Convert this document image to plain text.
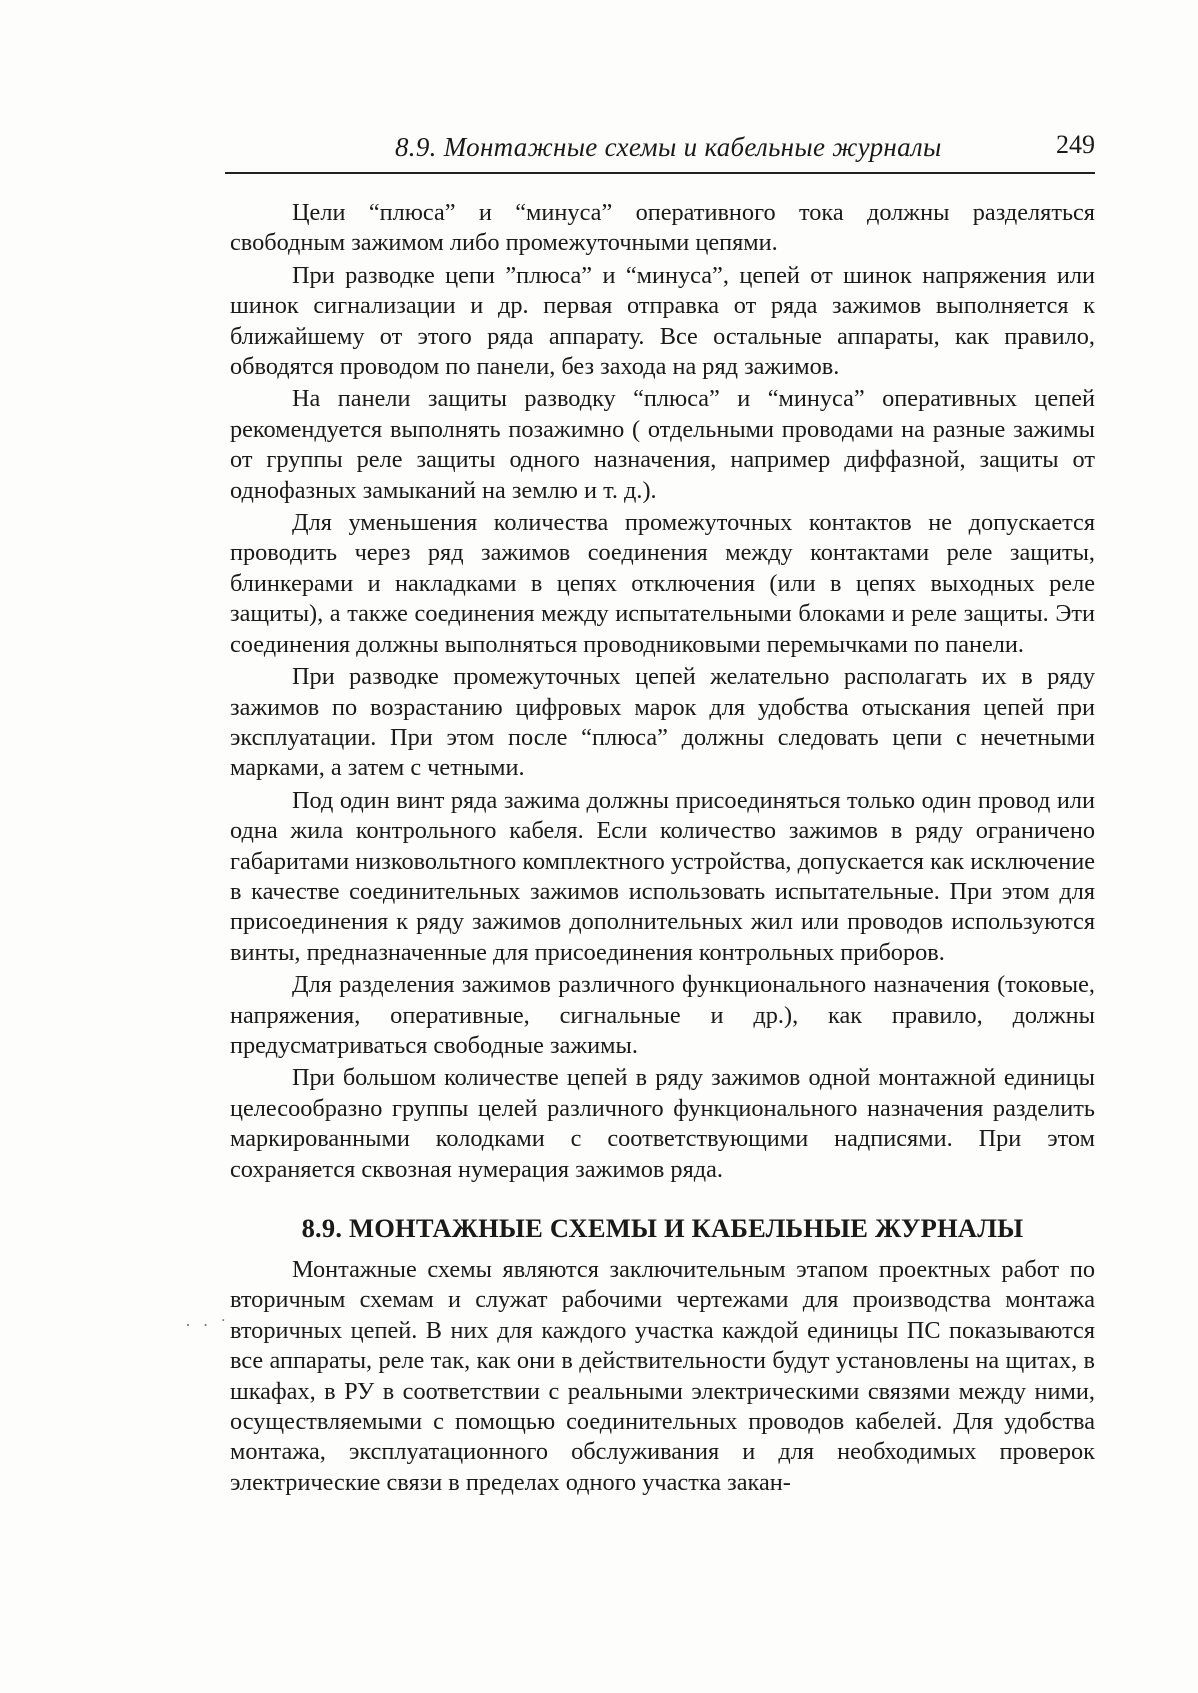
8.9. Монтажные схемы и кабельные журналы	249

Цели “плюса” и “минуса” оперативного тока должны разделяться свободным зажимом либо промежуточными цепями.

При разводке цепи ”плюса” и “минуса”, цепей от шинок напряжения или шинок сигнализации и др. первая отправка от ряда зажимов выполняется к ближайшему от этого ряда аппарату. Все остальные аппараты, как правило, обводятся проводом по панели, без захода на ряд зажимов.

На панели защиты разводку “плюса” и “минуса” оперативных цепей рекомендуется выполнять позажимно ( отдельными проводами на разные зажимы от группы реле защиты одного назначения, например диффазной, защиты от однофазных замыканий на землю и т. д.).

Для уменьшения количества промежуточных контактов не допускается проводить через ряд зажимов соединения между контактами реле защиты, блинкерами и накладками в цепях отключения (или в цепях выходных реле защиты), а также соединения между испытательными блоками и реле защиты. Эти соединения должны выполняться проводниковыми перемычками по панели.

При разводке промежуточных цепей желательно располагать их в ряду зажимов по возрастанию цифровых марок для удобства отыскания цепей при эксплуатации. При этом после “плюса” должны следовать цепи с нечетными марками, а затем с четными.

Под один винт ряда зажима должны присоединяться только один провод или одна жила контрольного кабеля. Если количество зажимов в ряду ограничено габаритами низковольтного комплектного устройства, допускается как исключение в качестве соединительных зажимов использовать испытательные. При этом для присоединения к ряду зажимов дополнительных жил или проводов используются винты, предназначенные для присоединения контрольных приборов.

Для разделения зажимов различного функционального назначения (токовые, напряжения, оперативные, сигнальные и др.), как правило, должны предусматриваться свободные зажимы.

При большом количестве цепей в ряду зажимов одной монтажной единицы целесообразно группы целей различного функционального назначения разделить маркированными колодками с соответствующими надписями. При этом сохраняется сквозная нумерация зажимов ряда.

8.9. МОНТАЖНЫЕ СХЕМЫ И КАБЕЛЬНЫЕ ЖУРНАЛЫ

Монтажные схемы являются заключительным этапом проектных работ по вторичным схемам и служат рабочими чертежами для производства монтажа вторичных цепей. В них для каждого участка каждой единицы ПС показываются все аппараты, реле так, как они в действительности будут установлены на щитах, в шкафах, в РУ в соответствии с реальными электрическими связями между ними, осуществляемыми с помощью соединительных проводов кабелей. Для удобства монтажа, эксплуатационного обслуживания и для необходимых проверок электрические связи в пределах одного участка закан-

· · ˙
